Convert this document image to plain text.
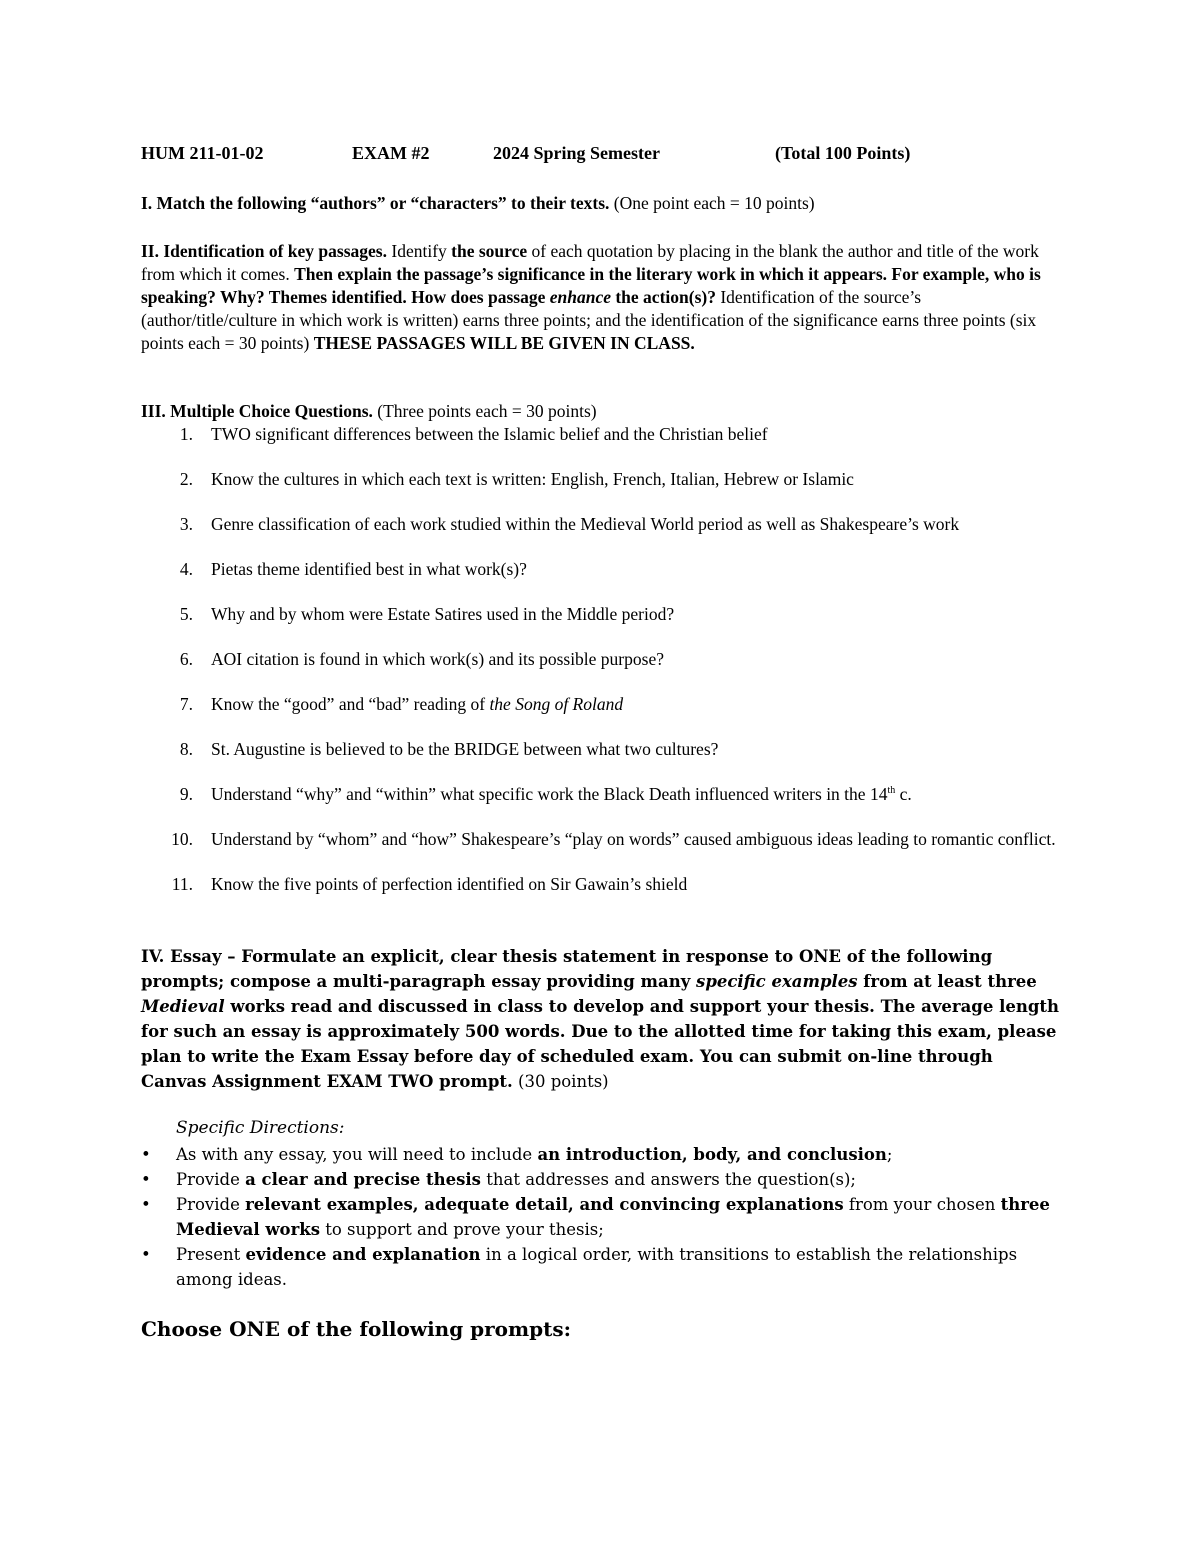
HUM 211-01-02	EXAM #2	2024 Spring Semester	(Total 100 Points)
I. Match the following “authors” or “characters” to their texts. (One point each = 10 points)
II. Identification of key passages. Identify the source of each quotation by placing in the blank the author and title of the work from which it comes. Then explain the passage’s significance in the literary work in which it appears. For example, who is speaking? Why? Themes identified. How does passage enhance the action(s)? Identification of the source’s (author/title/culture in which work is written) earns three points; and the identification of the significance earns three points (six points each = 30 points) THESE PASSAGES WILL BE GIVEN IN CLASS.
III. Multiple Choice Questions. (Three points each = 30 points)
1. TWO significant differences between the Islamic belief and the Christian belief
2. Know the cultures in which each text is written: English, French, Italian, Hebrew or Islamic
3. Genre classification of each work studied within the Medieval World period as well as Shakespeare’s work
4. Pietas theme identified best in what work(s)?
5. Why and by whom were Estate Satires used in the Middle period?
6. AOI citation is found in which work(s) and its possible purpose?
7. Know the “good” and “bad” reading of the Song of Roland
8. St. Augustine is believed to be the BRIDGE between what two cultures?
9. Understand “why” and “within” what specific work the Black Death influenced writers in the 14th c.
10. Understand by “whom” and “how” Shakespeare’s “play on words” caused ambiguous ideas leading to romantic conflict.
11. Know the five points of perfection identified on Sir Gawain’s shield
IV. Essay – Formulate an explicit, clear thesis statement in response to ONE of the following prompts; compose a multi-paragraph essay providing many specific examples from at least three Medieval works read and discussed in class to develop and support your thesis. The average length for such an essay is approximately 500 words. Due to the allotted time for taking this exam, please plan to write the Exam Essay before day of scheduled exam. You can submit on-line through Canvas Assignment EXAM TWO prompt. (30 points)
Specific Directions:
• As with any essay, you will need to include an introduction, body, and conclusion;
• Provide a clear and precise thesis that addresses and answers the question(s);
• Provide relevant examples, adequate detail, and convincing explanations from your chosen three Medieval works to support and prove your thesis;
• Present evidence and explanation in a logical order, with transitions to establish the relationships among ideas.
Choose ONE of the following prompts:
